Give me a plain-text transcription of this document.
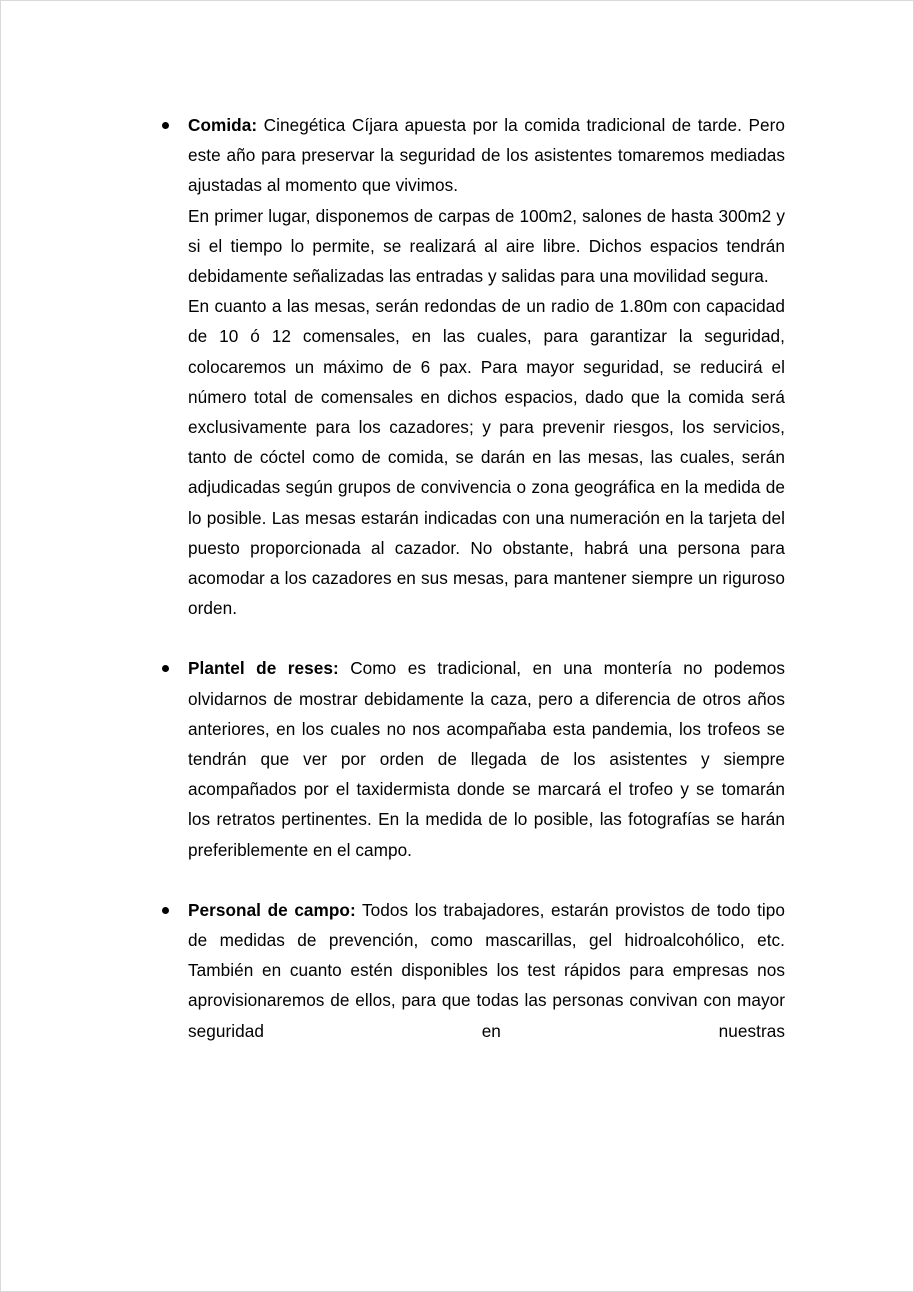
Comida: Cinegética Cíjara apuesta por la comida tradicional de tarde. Pero este año para preservar la seguridad de los asistentes tomaremos mediadas ajustadas al momento que vivimos.

En primer lugar, disponemos de carpas de 100m2, salones de hasta 300m2 y si el tiempo lo permite, se realizará al aire libre. Dichos espacios tendrán debidamente señalizadas las entradas y salidas para una movilidad segura.

En cuanto a las mesas, serán redondas de un radio de 1.80m con capacidad de 10 ó 12 comensales, en las cuales, para garantizar la seguridad, colocaremos un máximo de 6 pax. Para mayor seguridad, se reducirá el número total de comensales en dichos espacios, dado que la comida será exclusivamente para los cazadores; y para prevenir riesgos, los servicios, tanto de cóctel como de comida, se darán en las mesas, las cuales, serán adjudicadas según grupos de convivencia o zona geográfica en la medida de lo posible. Las mesas estarán indicadas con una numeración en la tarjeta del puesto proporcionada al cazador. No obstante, habrá una persona para acomodar a los cazadores en sus mesas, para mantener siempre un riguroso orden.

Plantel de reses: Como es tradicional, en una montería no podemos olvidarnos de mostrar debidamente la caza, pero a diferencia de otros años anteriores, en los cuales no nos acompañaba esta pandemia, los trofeos se tendrán que ver por orden de llegada de los asistentes y siempre acompañados por el taxidermista donde se marcará el trofeo y se tomarán los retratos pertinentes. En la medida de lo posible, las fotografías se harán preferiblemente en el campo.

Personal de campo: Todos los trabajadores, estarán provistos de todo tipo de medidas de prevención, como mascarillas, gel hidroalcohólico, etc. También en cuanto estén disponibles los test rápidos para empresas nos aprovisionaremos de ellos, para que todas las personas convivan con mayor seguridad en nuestras
